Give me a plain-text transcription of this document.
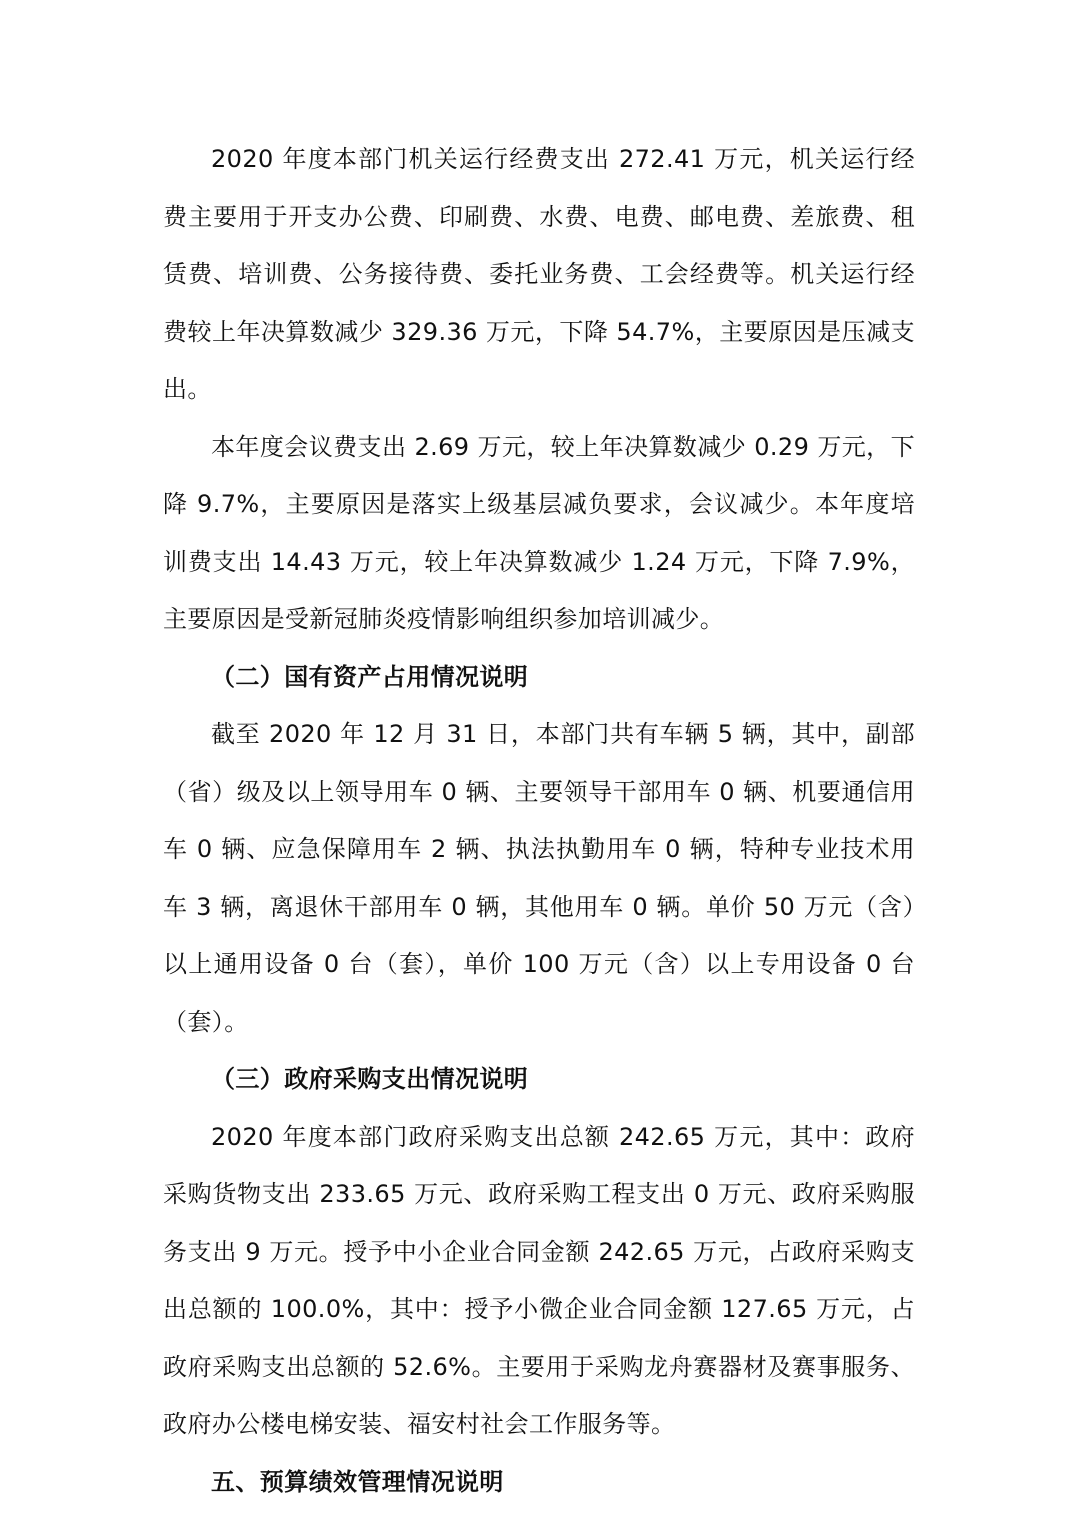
2020 年度本部门机关运行经费支出 272.41 万元，机关运行经费主要用于开支办公费、印刷费、水费、电费、邮电费、差旅费、租赁费、培训费、公务接待费、委托业务费、工会经费等。机关运行经费较上年决算数减少 329.36 万元，下降 54.7%，主要原因是压减支出。

本年度会议费支出 2.69 万元，较上年决算数减少 0.29 万元，下降 9.7%，主要原因是落实上级基层减负要求，会议减少。本年度培训费支出 14.43 万元，较上年决算数减少 1.24 万元，下降 7.9%，主要原因是受新冠肺炎疫情影响组织参加培训减少。

（二）国有资产占用情况说明

截至 2020 年 12 月 31 日，本部门共有车辆 5 辆，其中，副部（省）级及以上领导用车 0 辆、主要领导干部用车 0 辆、机要通信用车 0 辆、应急保障用车 2 辆、执法执勤用车 0 辆，特种专业技术用车 3 辆，离退休干部用车 0 辆，其他用车 0 辆。单价 50 万元（含）以上通用设备 0 台（套），单价 100 万元（含）以上专用设备 0 台（套）。

（三）政府采购支出情况说明

2020 年度本部门政府采购支出总额 242.65 万元，其中：政府采购货物支出 233.65 万元、政府采购工程支出 0 万元、政府采购服务支出 9 万元。授予中小企业合同金额 242.65 万元，占政府采购支出总额的 100.0%，其中：授予小微企业合同金额 127.65 万元，占政府采购支出总额的 52.6%。主要用于采购龙舟赛器材及赛事服务、政府办公楼电梯安装、福安村社会工作服务等。

五、预算绩效管理情况说明
